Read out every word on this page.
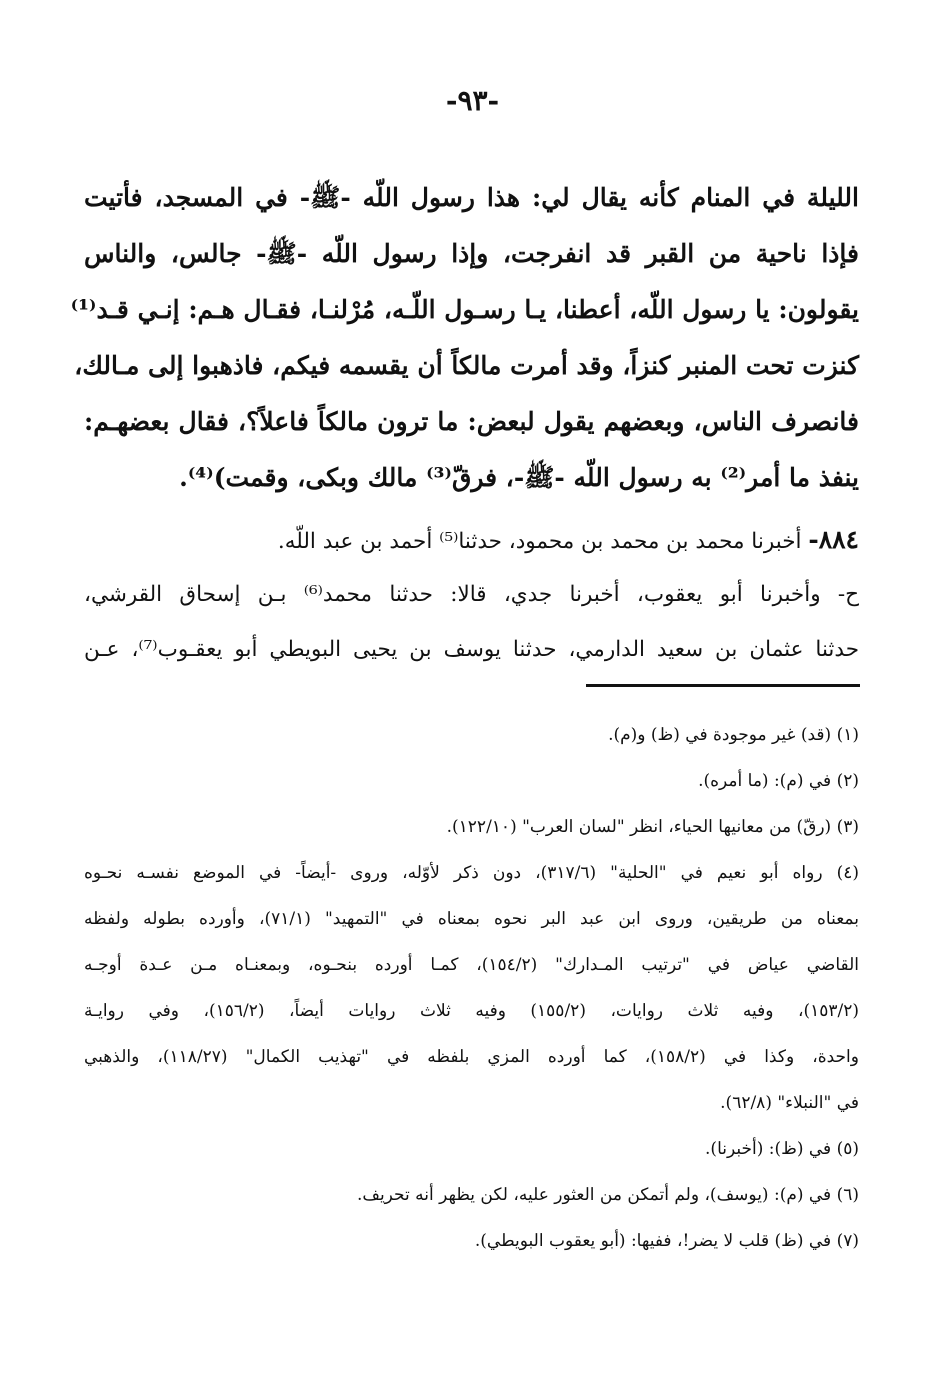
-٩٣-
الليلة في المنام كأنه يقال لي: هذا رسول اللّه -ﷺ- في المسجد، فأتيت
فإذا ناحية من القبر قد انفرجت، وإذا رسول اللّه -ﷺ- جالس، والناس
يقولون: يا رسول اللّه، أعطنا، يـا رسـول اللّـه، مُرْلنـا، فقـال هـم: إنـي قـد⁽¹⁾
كنزت تحت المنبر كنزاً، وقد أمرت مالكاً أن يقسمه فيكم، فاذهبوا إلى مـالك،
فانصرف الناس، وبعضهم يقول لبعض: ما ترون مالكاً فاعلاً؟، فقال بعضهـم:
ينفذ ما أمر⁽²⁾ به رسول اللّه -ﷺ-، فرقّ⁽³⁾ مالك وبكى، وقمت)⁽⁴⁾.
٨٨٤- أخبرنا محمد بن محمد بن محمود، حدثنا⁽⁵⁾ أحمد بن عبد اللّه.
ح- وأخبرنا أبو يعقوب، أخبرنا جدي، قالا: حدثنا محمد⁽⁶⁾ بـن إسحاق القرشي،
حدثنا عثمان بن سعيد الدارمي، حدثنا يوسف بن يحيى البويطي أبو يعقـوب⁽⁷⁾، عـن
(١) (قد) غير موجودة في (ظ) و(م).
(٢) في (م): (ما أمره).
(٣) (رقّ) من معانيها الحياء، انظر "لسان العرب" (١٢٢/١٠).
(٤) رواه أبو نعيم في "الحلية" (٣١٧/٦)، دون ذكر لأوّله، وروى -أيضاً- في الموضع نفسـه نحـوه
بمعناه من طريقين، وروى ابن عبد البر نحوه بمعناه في "التمهيد" (٧١/١)، وأورده بطوله ولفظه
القاضي عياض في "ترتيب المـدارك" (١٥٤/٢)، كمـا أورده بنحـوه، وبمعنـاه مـن عـدة أوجـه
(١٥٣/٢)، وفيه ثلاث روايات، (١٥٥/٢) وفيه ثلاث روايات أيضاً، (١٥٦/٢)، وفي روايـة
واحدة، وكذا في (١٥٨/٢)، كما أورده المزي بلفظه في "تهذيب الكمال" (١١٨/٢٧)، والذهبي
في "النبلاء" (٦٢/٨).
(٥) في (ظ): (أخبرنا).
(٦) في (م): (يوسف)، ولم أتمكن من العثور عليه، لكن يظهر أنه تحريف.
(٧) في (ظ) قلب لا يضر!، ففيها: (أبو يعقوب البويطي).
